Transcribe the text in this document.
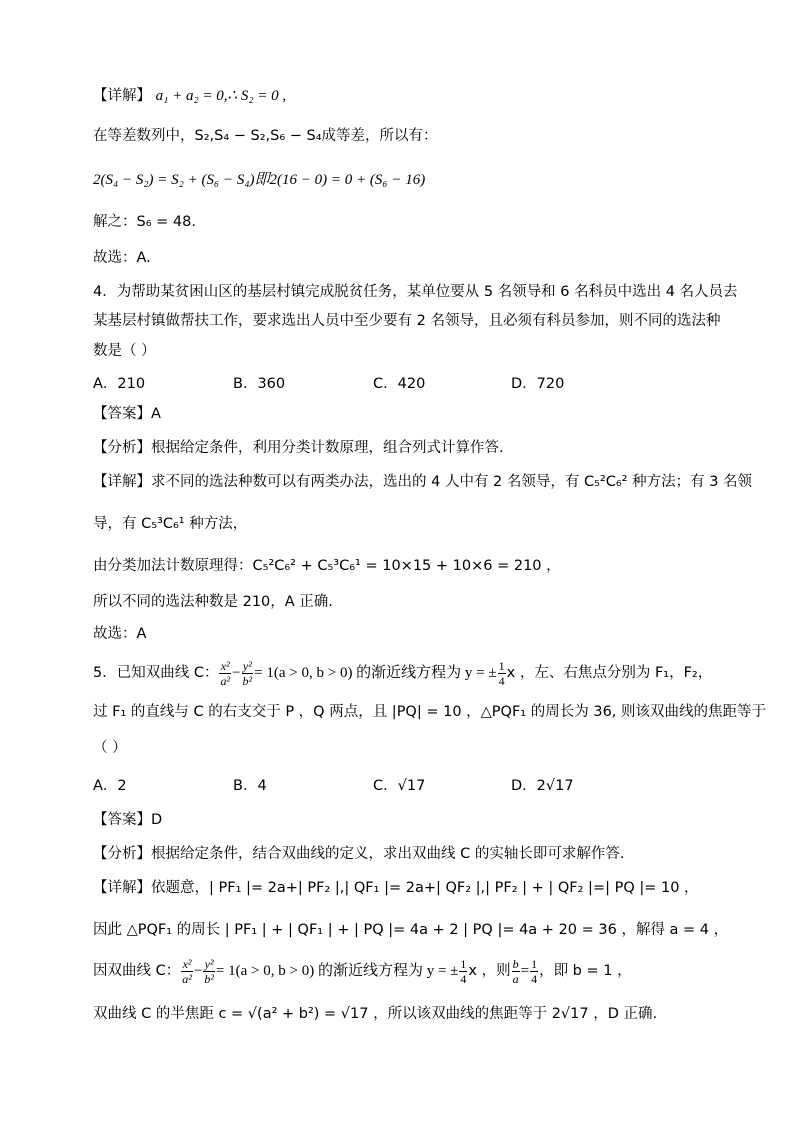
【详解】 a₁ + a₂ = 0,∴ S₂ = 0 ,
在等差数列中，S₂,S₄ − S₂,S₆ − S₄成等差，所以有：
2(S₄ − S₂) = S₂ + (S₆ − S₄)即2(16 − 0) = 0 + (S₆ − 16)
解之：S₆ = 48.
故选：A.
4．为帮助某贫困山区的基层村镇完成脱贫任务，某单位要从 5 名领导和 6 名科员中选出 4 名人员去
某基层村镇做帮扶工作，要求选出人员中至少要有 2 名领导，且必须有科员参加，则不同的选法种
数是（ ）
A．210	B．360	C．420	D．720
【答案】A
【分析】根据给定条件，利用分类计数原理，组合列式计算作答.
【详解】求不同的选法种数可以有两类办法，选出的 4 人中有 2 名领导，有 C₅²C₆² 种方法；有 3 名领
导，有 C₅³C₆¹ 种方法，
由分类加法计数原理得：C₅²C₆² + C₅³C₆¹ = 10×15 + 10×6 = 210 ，
所以不同的选法种数是 210，A 正确.
故选：A
5．已知双曲线 C： $\frac{\text{x²}}{\text{a²}} - \frac{\text{y²}}{\text{b²}} = 1(a > 0$, b > 0) 的渐近线方程为 y = ± $\frac{1}{4}$ x ，左、右焦点分别为 F₁，F₂，
过 F₁ 的直线与 C 的右支交于 P ，Q 两点，且 |PQ| = 10 ，△PQF₁ 的周长为 36, 则该双曲线的焦距等于
（ ）
A．2	B．4	C．√17	D．2√17
【答案】D
【分析】根据给定条件，结合双曲线的定义，求出双曲线 C 的实轴长即可求解作答.
【详解】依题意，| PF₁ |= 2a+| PF₂ |,| QF₁ |= 2a+| QF₂ |,| PF₂ | + | QF₂ |=| PQ |= 10 ，
因此 △PQF₁ 的周长 | PF₁ | + | QF₁ | + | PQ |= 4a + 2 | PQ |= 4a + 20 = 36 ，解得 a = 4 ，
因双曲线 C： $\frac{\text{x²}}{\text{a²}} - \frac{\text{y²}}{\text{b²}} = 1(a > 0$, b > 0) 的渐近线方程为 y = ± $\frac{1}{4}$ x ，则 $\frac{b}{a} = \frac{1}{4}$ ，即 b = 1 ，
双曲线 C 的半焦距 c = √(a² + b²) = √17 ，所以该双曲线的焦距等于 2√17 ，D 正确.
